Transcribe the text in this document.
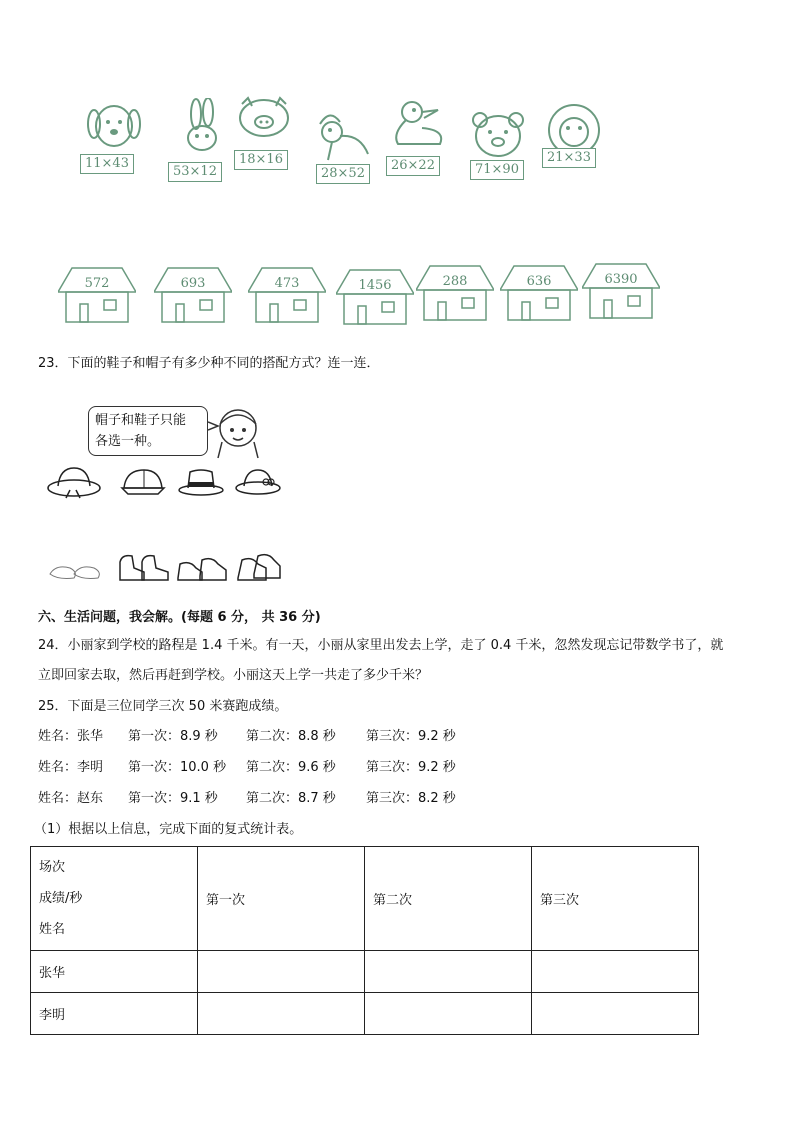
11×43
53×12
18×16
28×52
26×22	71×90
21×33
572	693	473	1456	288	636	6390
23．下面的鞋子和帽子有多少种不同的搭配方式？连一连．
帽子和鞋子只能
各选一种。
六、生活问题，我会解。(每题 6 分， 共 36 分)
24．小丽家到学校的路程是 1.4 千米。有一天，小丽从家里出发去上学，走了 0.4 千米，忽然发现忘记带数学书了，就
立即回家去取，然后再赶到学校。小丽这天上学一共走了多少千米？
25．下面是三位同学三次 50 米赛跑成绩。
姓名：张华 第一次：8.9 秒 第二次：8.8 秒 第三次：9.2 秒
姓名：李明 第一次：10.0 秒 第二次：9.6 秒 第三次：9.2 秒
姓名：赵东 第一次：9.1 秒 第二次：8.7 秒 第三次：8.2 秒
（1）根据以上信息，完成下面的复式统计表。
场次
成绩/秒
姓名	第一次	第二次	第三次
张华			
李明			
